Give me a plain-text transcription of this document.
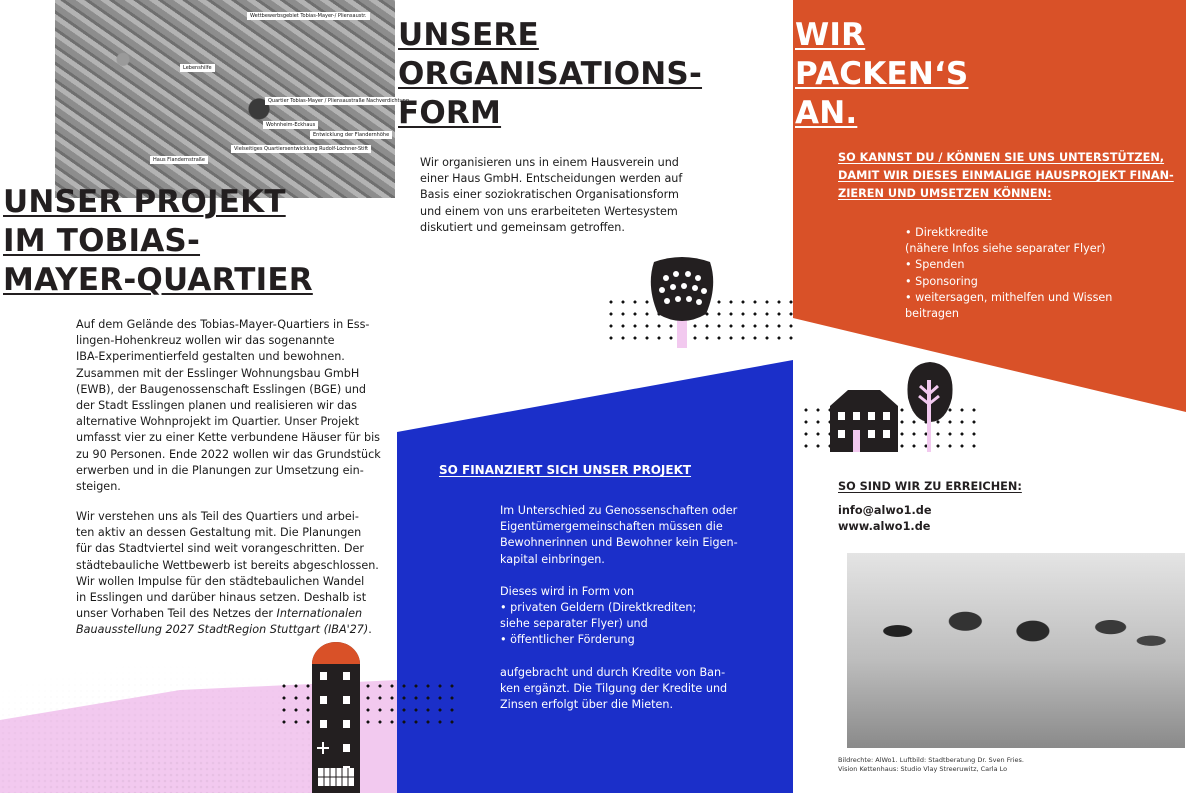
Wettbewerbsgebiet Tobias-Mayer-/ Pliensaustr.
Lebenshilfe
Quartier Tobias-Mayer / Pliensaustraße Nachverdichtung
Wohnheim-Eckhaus
Entwicklung der Flandernhöhe
Vielseitiges Quartiersentwicklung Rudolf-Lochner-Stift
Haus Flandernstraße
UNSER PROJEKT
IM TOBIAS-
MAYER-QUARTIER

Auf dem Gelände des Tobias-Mayer-Quartiers in Ess-
lingen-Hohenkreuz wollen wir das sogenannte
IBA-Experimentierfeld gestalten und bewohnen.
Zusammen mit der Esslinger Wohnungsbau GmbH
(EWB), der Baugenossenschaft Esslingen (BGE) und
der Stadt Esslingen planen und realisieren wir das
alternative Wohnprojekt im Quartier. Unser Projekt
umfasst vier zu einer Kette verbundene Häuser für bis
zu 90 Personen. Ende 2022 wollen wir das Grundstück
erwerben und in die Planungen zur Umsetzung ein-
steigen.

Wir verstehen uns als Teil des Quartiers und arbei-
ten aktiv an dessen Gestaltung mit. Die Planungen
für das Stadtviertel sind weit vorangeschritten. Der
städtebauliche Wettbewerb ist bereits abgeschlossen.
Wir wollen Impulse für den städtebaulichen Wandel
in Esslingen und darüber hinaus setzen. Deshalb ist
unser Vorhaben Teil des Netzes der Internationalen
Bauausstellung 2027 StadtRegion Stuttgart (IBA'27).

UNSERE
ORGANISATIONS-
FORM

Wir organisieren uns in einem Hausverein und
einer Haus GmbH. Entscheidungen werden auf
Basis einer soziokratischen Organisationsform
und einem von uns erarbeiteten Wertesystem
diskutiert und gemeinsam getroffen.

SO FINANZIERT SICH UNSER PROJEKT

Im Unterschied zu Genossenschaften oder
Eigentümergemeinschaften müssen die
Bewohnerinnen und Bewohner kein Eigen-
kapital einbringen.

Dieses wird in Form von

• privaten Geldern (Direktkrediten;
siehe separater Flyer) und
• öffentlicher Förderung

aufgebracht und durch Kredite von Ban-
ken ergänzt. Die Tilgung der Kredite und
Zinsen erfolgt über die Mieten.

WIR
PACKEN‘S
AN.
SO KANNST DU / KÖNNEN SIE UNS UNTERSTÜTZEN,
DAMIT WIR DIESES EINMALIGE HAUSPROJEKT FINAN-
ZIEREN UND UMSETZEN KÖNNEN:
• Direktkredite
(nähere Infos siehe separater Flyer)
• Spenden
• Sponsoring
• weitersagen, mithelfen und Wissen
beitragen
SO SIND WIR ZU ERREICHEN:
info@alwo1.de
www.alwo1.de

Bildrechte: AlWo1. Luftbild: Stadtberatung Dr. Sven Fries.
Vision Kettenhaus: Studio Vlay Streeruwitz, Carla Lo
